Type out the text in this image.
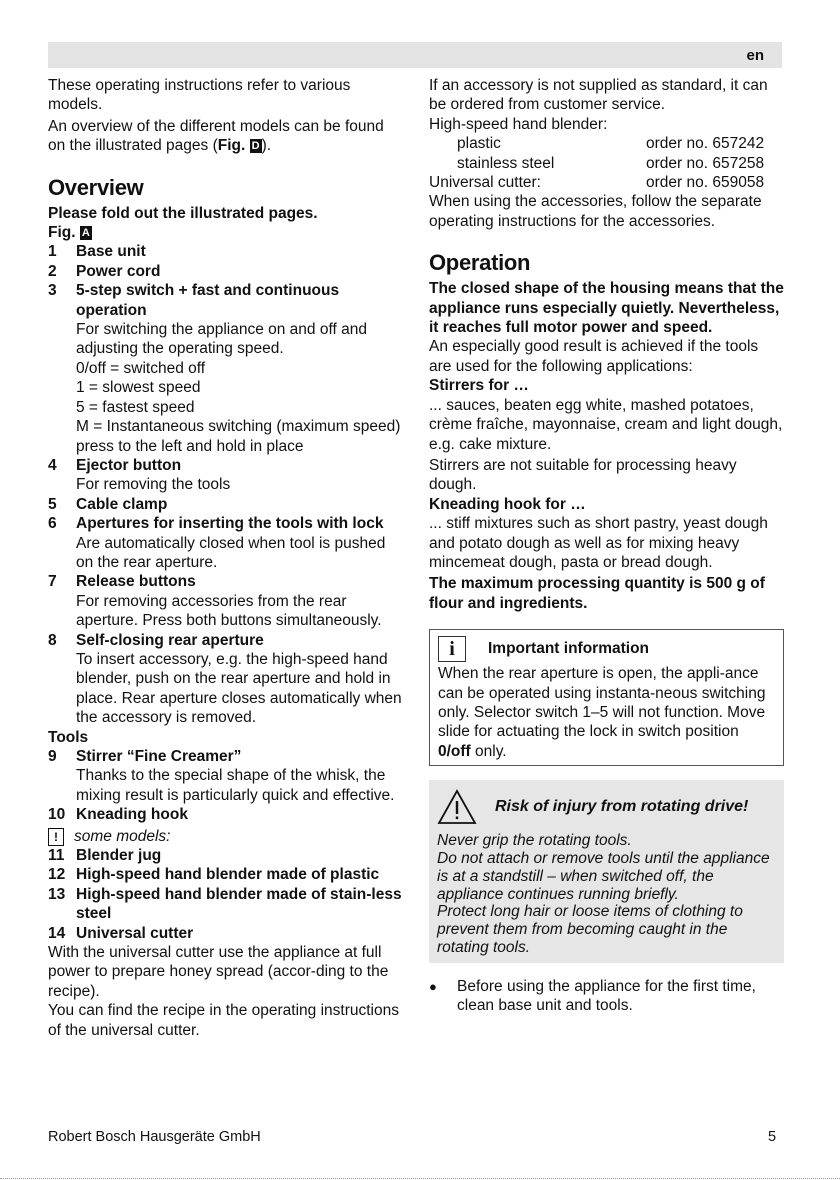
en

These operating instructions refer to various models.

An overview of the different models can be found on the illustrated pages (Fig. D ).

Overview

Please fold out the illustrated pages.

Fig. A

1	Base unit
2	Power cord
3	5-step switch + fast and continuous operation
For switching the appliance on and off and adjusting the operating speed.
0/off = switched off
1 = slowest speed
5 = fastest speed
M = Instantaneous switching (maximum speed) press to the left and hold in place
4	Ejector button
For removing the tools
5	Cable clamp
6	Apertures for inserting the tools with lock
Are automatically closed when tool is pushed on the rear aperture.
7	Release buttons
For removing accessories from the rear aperture. Press both buttons simultaneously.
8	Self-closing rear aperture
To insert accessory, e.g. the high-speed hand blender, push on the rear aperture and hold in place. Rear aperture closes automatically when the accessory is removed.

Tools

9	Stirrer “Fine Creamer”
Thanks to the special shape of the whisk, the mixing result is particularly quick and effective.
10 Kneading hook

! some models:

11 Blender jug
12 High-speed hand blender made of plastic
13 High-speed hand blender made of stain-less steel
14 Universal cutter

With the universal cutter use the appliance at full power to prepare honey spread (accor-ding to the recipe).

You can find the recipe in the operating instructions of the universal cutter.

If an accessory is not supplied as standard, it can be ordered from customer service.

High-speed hand blender:

plastic	order no. 657242
stainless steel	order no. 657258
Universal cutter:	order no. 659058

When using the accessories, follow the separate operating instructions for the accessories.

Operation

The closed shape of the housing means that the appliance runs especially quietly. Nevertheless, it reaches full motor power and speed.

An especially good result is achieved if the tools are used for the following applications:

Stirrers for …

... sauces, beaten egg white, mashed potatoes, crème fraîche, mayonnaise, cream and light dough, e.g. cake mixture.

Stirrers are not suitable for processing heavy dough.

Kneading hook for …

... stiff mixtures such as short pastry, yeast dough and potato dough as well as for mixing heavy mincemeat dough, pasta or bread dough.

The maximum processing quantity is 500 g of flour and ingredients.

i	Important information

When the rear aperture is open, the appli-ance can be operated using instanta-neous switching only. Selector switch 1–5 will not function. Move slide for actuating the lock in switch position 0/off only.

Risk of injury from rotating drive!

Never grip the rotating tools.

Do not attach or remove tools until the appliance is at a standstill – when switched off, the appliance continues running briefly.

Protect long hair or loose items of clothing to prevent them from becoming caught in the rotating tools.

●	Before using the appliance for the first time, clean base unit and tools.
Robert Bosch Hausgeräte GmbH	5
